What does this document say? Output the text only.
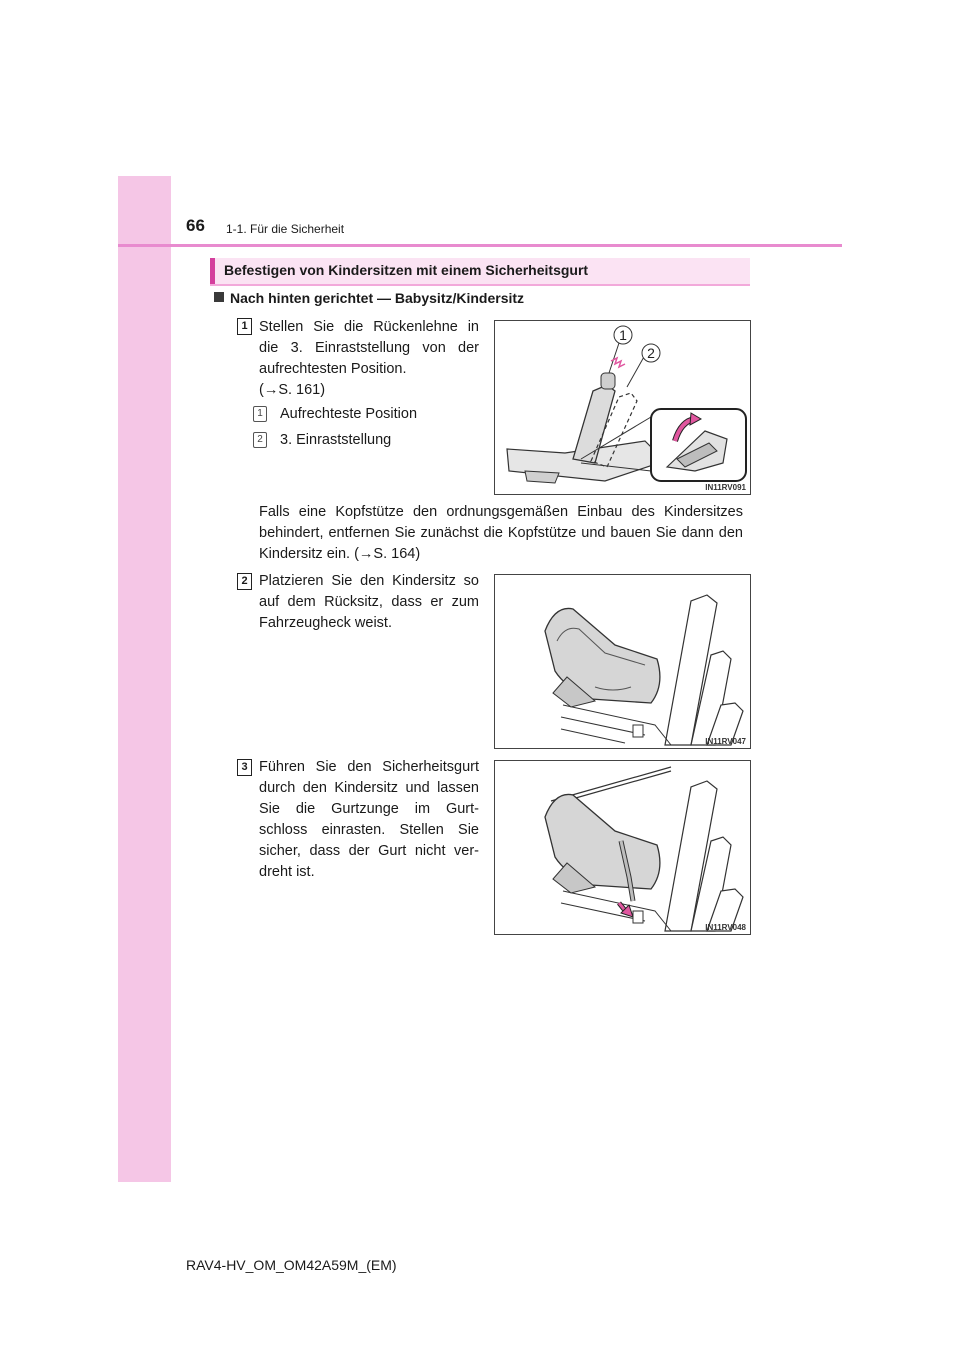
66 1-1. Für die Sicherheit
Befestigen von Kindersitzen mit einem Sicherheitsgurt
Nach hinten gerichtet — Babysitz/Kindersitz
1 Stellen Sie die Rückenlehne in
die 3. Einraststellung von der
aufrechtesten Position.
(→S. 161)
1 Aufrechteste Position
2 3. Einraststellung
1
2
IN11RV091
Falls eine Kopfstütze den ordnungsgemäßen Einbau des Kindersitzes behindert, entfernen Sie zunächst die Kopfstütze und bauen Sie dann den Kindersitz ein. (→S. 164)
2 Platzieren Sie den Kindersitz so
auf dem Rücksitz, dass er zum
Fahrzeugheck weist.
IN11RV047
3 Führen Sie den Sicherheitsgurt
durch den Kindersitz und lassen
Sie die Gurtzunge im Gurt-
schloss einrasten. Stellen Sie
sicher, dass der Gurt nicht ver-
dreht ist.
IN11RV048
RAV4-HV_OM_OM42A59M_(EM)
